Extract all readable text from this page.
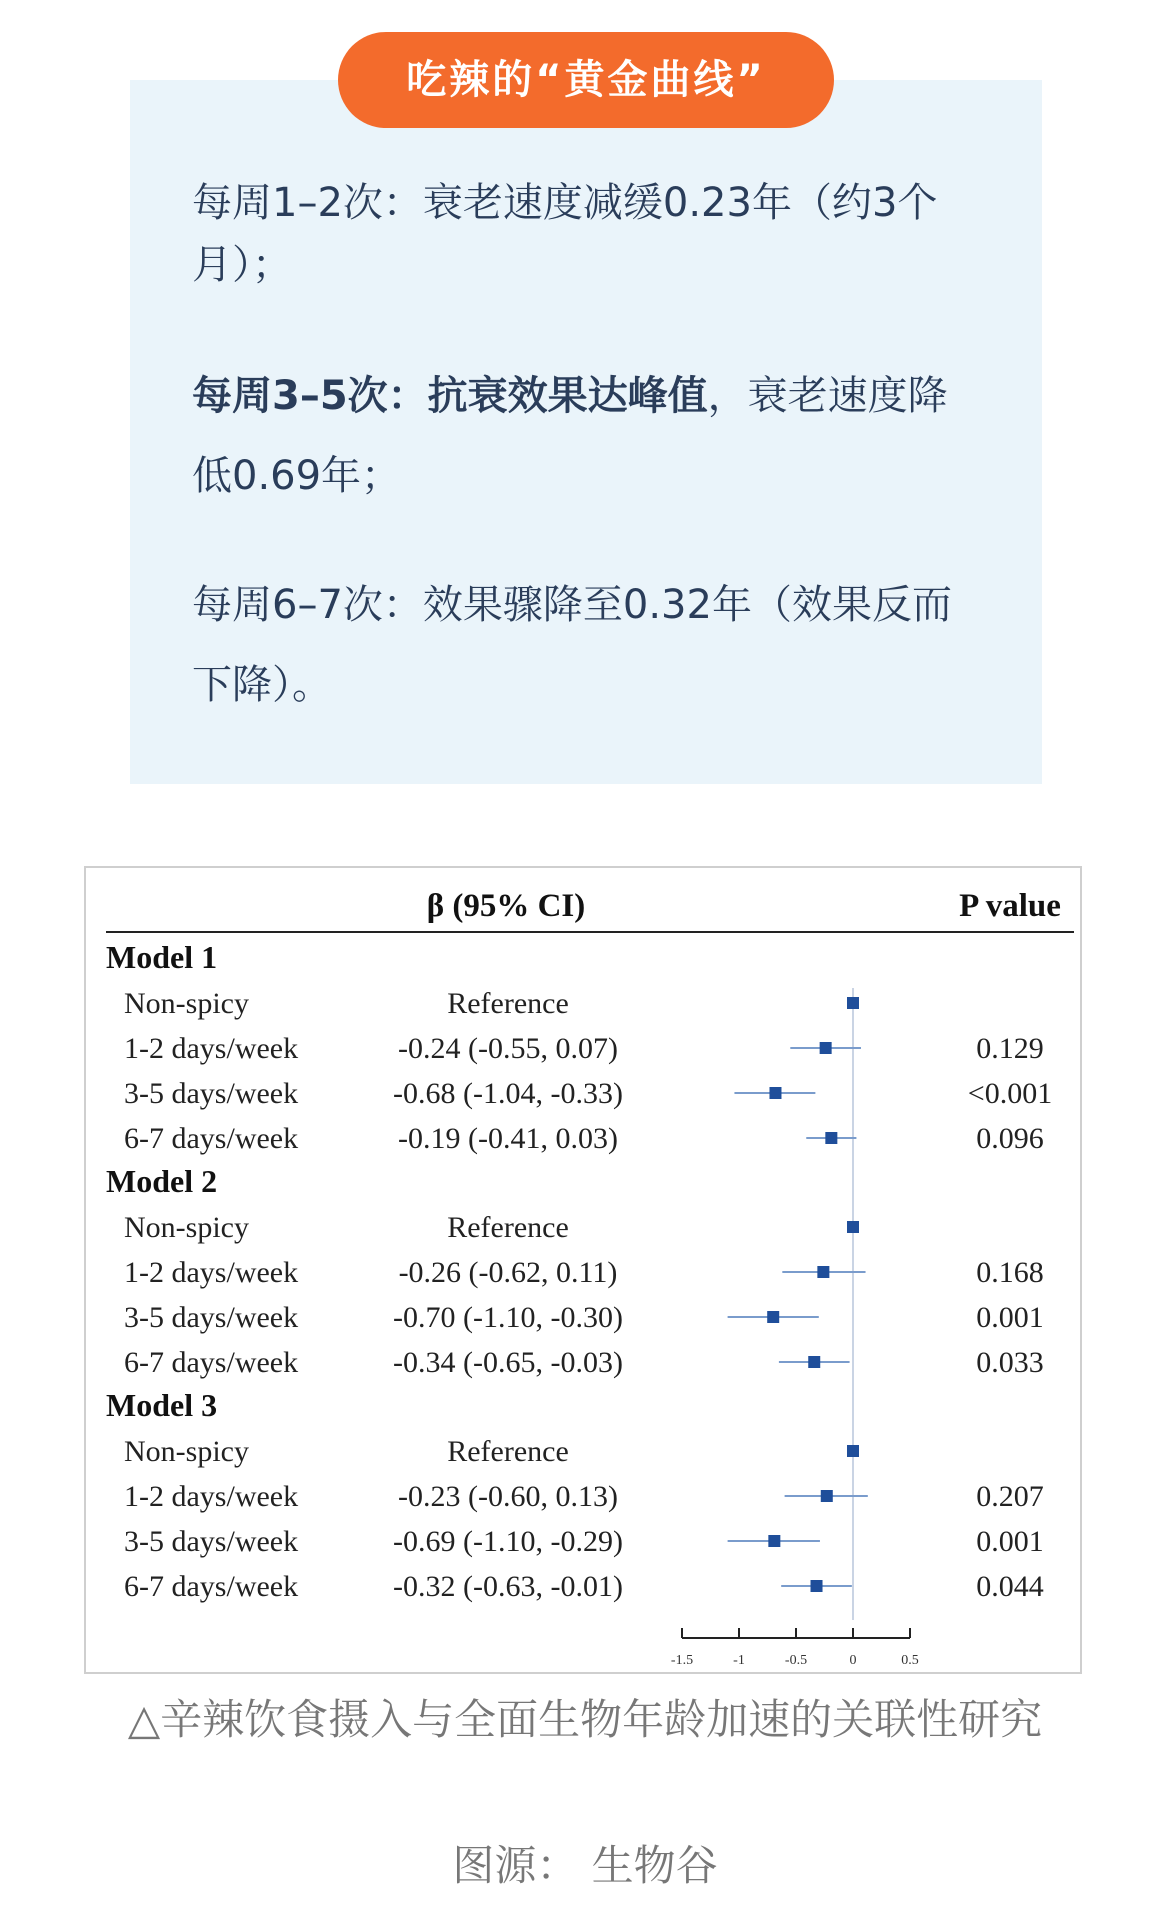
吃辣的“黄金曲线”

每周1–2次：衰老速度减缓0.23年（约3个月）；

每周3–5次：抗衰效果达峰值，衰老速度降低0.69年；

每周6–7次：效果骤降至0.32年（效果反而下降）。

β (95% CI)	P value
Model 1
Non-spicy	Reference
1-2 days/week	-0.24 (-0.55, 0.07)	0.129
3-5 days/week	-0.68 (-1.04, -0.33)	<0.001
6-7 days/week	-0.19 (-0.41, 0.03)	0.096
Model 2
Non-spicy	Reference
1-2 days/week	-0.26 (-0.62, 0.11)	0.168
3-5 days/week	-0.70 (-1.10, -0.30)	0.001
6-7 days/week	-0.34 (-0.65, -0.03)	0.033
Model 3
Non-spicy	Reference
1-2 days/week	-0.23 (-0.60, 0.13)	0.207
3-5 days/week	-0.69 (-1.10, -0.29)	0.001
6-7 days/week	-0.32 (-0.63, -0.01)	0.044
-1.5	-1	-0.5	0	0.5

△辛辣饮食摄入与全面生物年龄加速的关联性研究

图源： 生物谷
